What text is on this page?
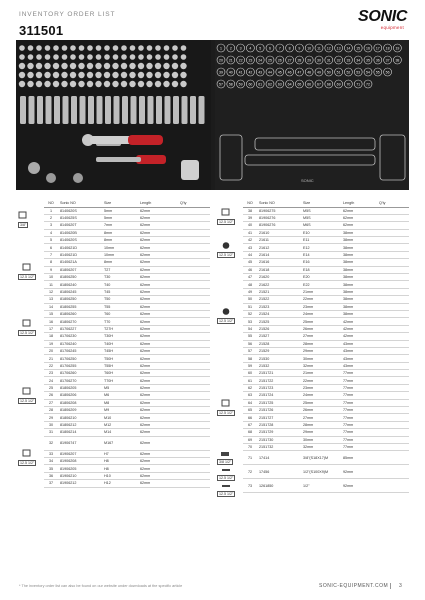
INVENTORY ORDER LIST
311501
SONIC
equipment
1 2 3 4 5 6 7 8 9 10 11 12 13 14 15 16 17 18 19
20 21 22 23 24 25 26 27 28 29 30 31 32 33 34 35 36 37 38
39 40 41 42 43 44 45 46 47 48 49 50 51 52 53 54 55 56
57 58 59 60 61 62 63 64 65 66 67 68 69 70 71 72
SONIC
3/8"
12.5 1/2"
12.5 1/2"
12.5 1/2"
12.5 1/2"
NO	Sonic NO	Size	Length	Q'ty
1	8140620S	5mm	62mm	
2	8140625S	5mm	62mm	
3	8140620T	7mm	62mm	
4	8140620B	8mm	62mm	
5	8140620S	8mm	62mm	
6	8140621D	10mm	62mm	
7	8140621D	10mm	62mm	
8	8140621A	8mm	62mm	
9	81806207	T27	62mm	
10	81806250	T30	62mm	
11	81806240	T40	62mm	
12	81806245	T45	62mm	
13	81806250	T50	62mm	
14	81806255	T55	62mm	
15	81806260	T60	62mm	
16	81806270	T70	62mm	
17	81706227	T27H	62mm	
18	81706230	T30H	62mm	
19	81706240	T40H	62mm	
20	81706245	T45H	62mm	
21	81706250	T50H	62mm	
22	81706255	T55H	62mm	
23	81706260	T60H	62mm	
24	81706270	T70H	62mm	
25	81806205	M5	62mm	
26	81806206	M6	62mm	
27	81806208	M8	62mm	
28	81806209	M9	62mm	
29	81806210	M10	62mm	
30	81806212	M12	62mm	
31	81806214	M14	62mm	
32	81906747	M167	62mm	
33	81906207	H7	62mm	
34	81906208	H8	62mm	
35	81906205	H8	62mm	
36	81906210	H10	62mm	
37	81906212	H12	62mm	
12.5 1/2"
12.5 1/2"
12.5 1/2"
12.5 1/2"
3/8 1/2"
12.5 1/2"
12.5 1/2"
NO	Sonic NO	Size	Length	Q'ty
38	81906275	M5S	62mm	
39	81906276	M5S	62mm	
40	81906276	M6S	62mm	
41	21610	E10	38mm	
42	21611	E11	38mm	
43	21612	E12	38mm	
44	21614	E14	38mm	
45	21616	E16	38mm	
46	21618	E18	38mm	
47	21620	E20	38mm	
48	21622	E22	38mm	
49	21521	21mm	38mm	
50	21522	22mm	38mm	
51	21523	23mm	38mm	
52	21524	24mm	38mm	
53	21525	25mm	42mm	
54	21526	26mm	42mm	
55	21527	27mm	42mm	
56	21528	28mm	43mm	
57	21529	29mm	43mm	
58	21530	30mm	43mm	
59	21532	32mm	43mm	
60	2151721	21mm	77mm	
61	2151722	22mm	77mm	
62	2151723	23mm	77mm	
63	2151724	24mm	77mm	
64	2151725	25mm	77mm	
65	2151726	26mm	77mm	
66	2151727	27mm	77mm	
67	2151728	28mm	77mm	
68	2151729	29mm	77mm	
69	2151730	30mm	77mm	
70	2151732	32mm	77mm	
71	17414	3/8"(S18X17)M	85mm	
72	17456	1/2"(S100X9)M	92mm	
73	1261850	1/2"	92mm	
* The inventory order list can also be found on our website under downloads at the specific article	SONIC-EQUIPMENT.COM 3
